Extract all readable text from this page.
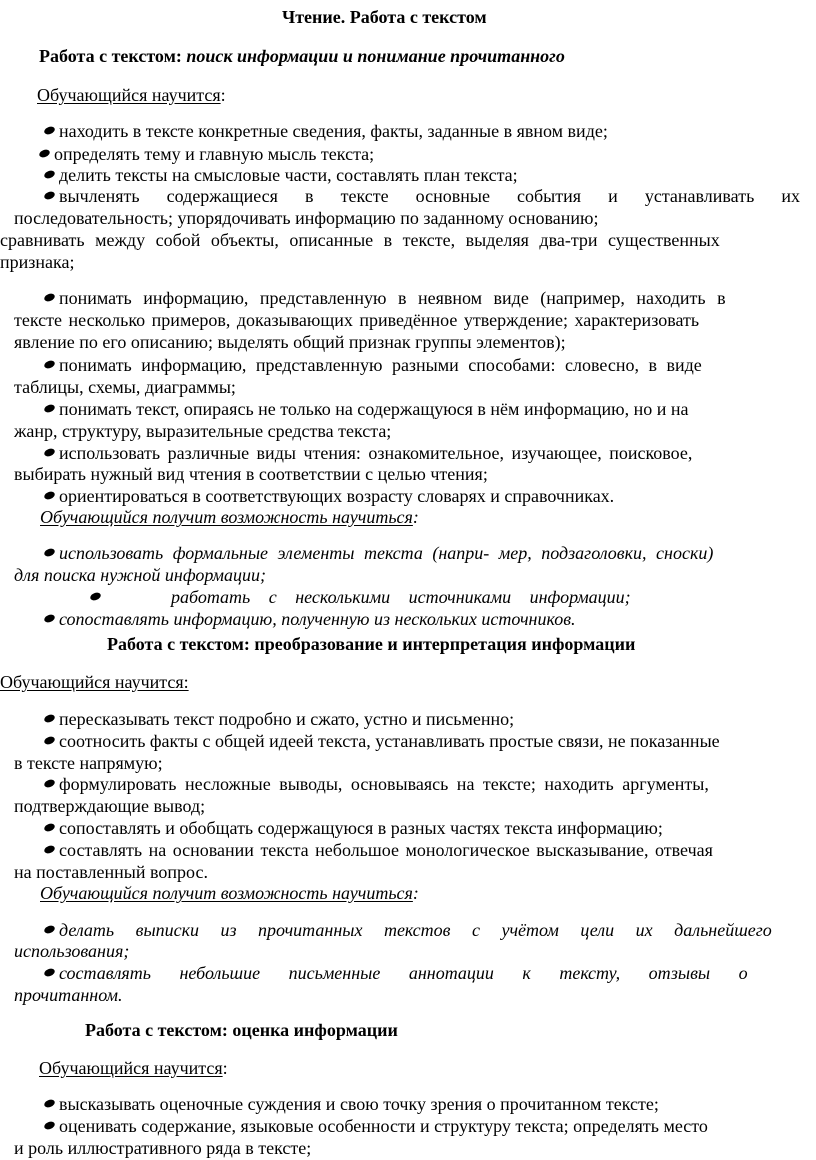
Чтение. Работа с текстом
Работа с текстом: поиск информации и понимание прочитанного
Обучающийся научится:
находить в тексте конкретные сведения, факты, заданные в явном виде;
определять тему и главную мысль текста;
делить тексты на смысловые части, составлять план текста;
вычленять содержащиеся в тексте основные события и устанавливать их
последовательность; упорядочивать информацию по заданному основанию;
сравнивать между собой объекты, описанные в тексте, выделяя два-три существенных
признака;
понимать информацию, представленную в неявном виде (например, находить в
тексте несколько примеров, доказывающих приведённое утверждение; характеризовать
явление по его описанию; выделять общий признак группы элементов);
понимать информацию, представленную разными способами: словесно, в виде
таблицы, схемы, диаграммы;
понимать текст, опираясь не только на содержащуюся в нём информацию, но и на
жанр, структуру, выразительные средства текста;
использовать различные виды чтения: ознакомительное, изучающее, поисковое,
выбирать нужный вид чтения в соответствии с целью чтения;
ориентироваться в соответствующих возрасту словарях и справочниках.
Обучающийся получит возможность научиться:
использовать формальные элементы текста (напри- мер, подзаголовки, сноски)
для поиска нужной информации;
работать с несколькими источниками информации;
сопоставлять информацию, полученную из нескольких источников.
Работа с текстом: преобразование и интерпретация информации
Обучающийся научится:
пересказывать текст подробно и сжато, устно и письменно;
соотносить факты с общей идеей текста, устанавливать простые связи, не показанные
в тексте напрямую;
формулировать несложные выводы, основываясь на тексте; находить аргументы,
подтверждающие вывод;
сопоставлять и обобщать содержащуюся в разных частях текста информацию;
составлять на основании текста небольшое монологическое высказывание, отвечая
на поставленный вопрос.
Обучающийся получит возможность научиться:
делать выписки из прочитанных текстов с учётом цели их дальнейшего
использования;
составлять небольшие письменные аннотации к тексту, отзывы о
прочитанном.
Работа с текстом: оценка информации
Обучающийся научится:
высказывать оценочные суждения и свою точку зрения о прочитанном тексте;
оценивать содержание, языковые особенности и структуру текста; определять место
и роль иллюстративного ряда в тексте;
